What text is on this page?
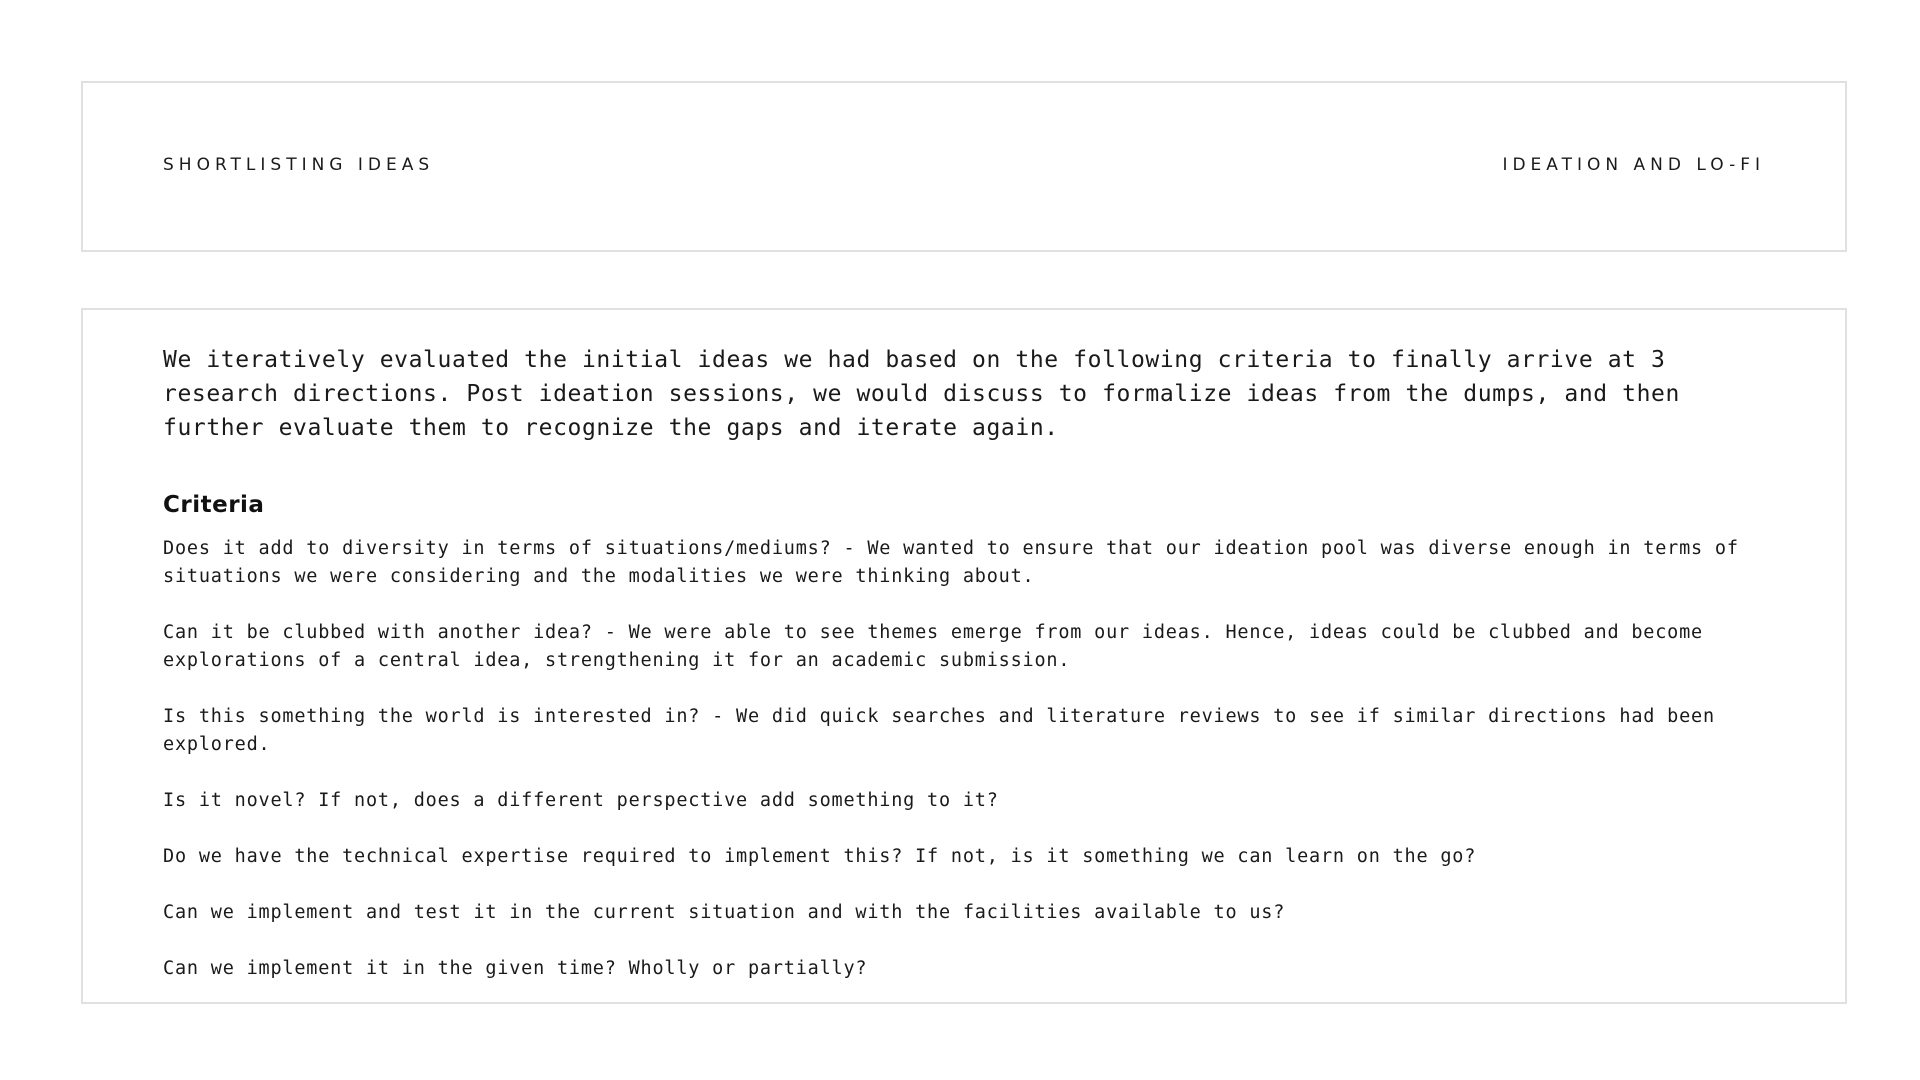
SHORTLISTING IDEAS	IDEATION AND LO-FI

We iteratively evaluated the initial ideas we had based on the following criteria to finally arrive at 3 research directions. Post ideation sessions, we would discuss to formalize ideas from the dumps, and then further evaluate them to recognize the gaps and iterate again.

Criteria
Does it add to diversity in terms of situations/mediums? - We wanted to ensure that our ideation pool was diverse enough in terms of situations we were considering and the modalities we were thinking about.
Can it be clubbed with another idea? - We were able to see themes emerge from our ideas. Hence, ideas could be clubbed and become explorations of a central idea, strengthening it for an academic submission.
Is this something the world is interested in? - We did quick searches and literature reviews to see if similar directions had been explored.
Is it novel? If not, does a different perspective add something to it?
Do we have the technical expertise required to implement this? If not, is it something we can learn on the go?
Can we implement and test it in the current situation and with the facilities available to us?
Can we implement it in the given time? Wholly or partially?
